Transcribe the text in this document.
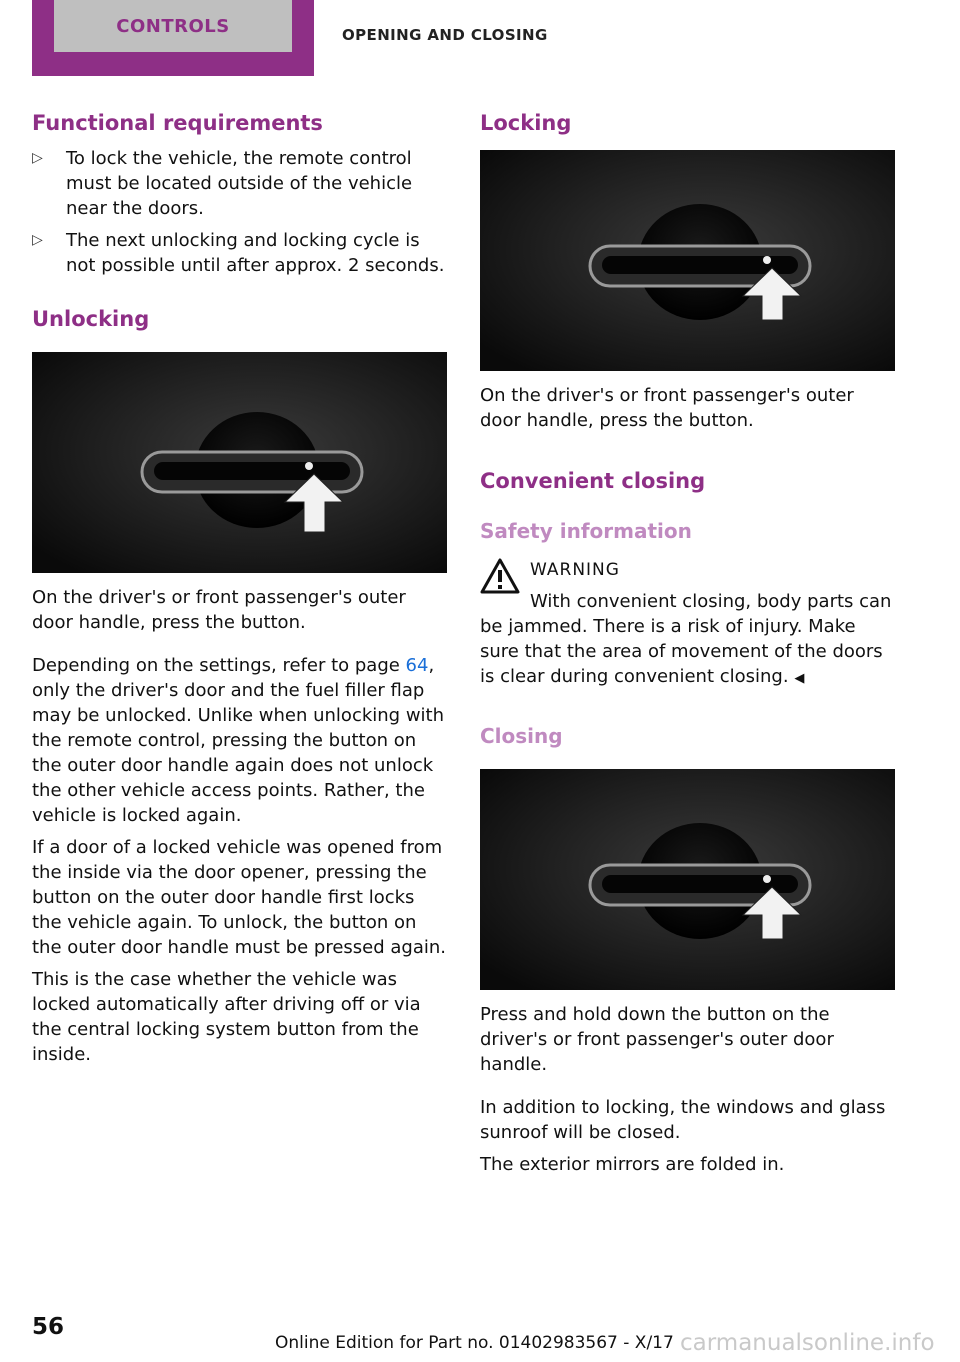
CONTROLS	OPENING AND CLOSING
Functional requirements
▷ To lock the vehicle, the remote control must be located outside of the vehicle near the doors.
▷ The next unlocking and locking cycle is not possible until after approx. 2 seconds.
Unlocking

On the driver's or front passenger's outer door handle, press the button.

Depending on the settings, refer to page 64, only the driver's door and the fuel filler flap may be unlocked. Unlike when unlocking with the remote control, pressing the button on the outer door handle again does not unlock the other vehicle access points. Rather, the vehicle is locked again.

If a door of a locked vehicle was opened from the inside via the door opener, pressing the button on the outer door handle first locks the vehicle again. To unlock, the button on the outer door handle must be pressed again.

This is the case whether the vehicle was locked automatically after driving off or via the central locking system button from the inside.

Locking

On the driver's or front passenger's outer door handle, press the button.

Convenient closing
Safety information
WARNING

With convenient closing, body parts can

be jammed. There is a risk of injury. Make sure that the area of movement of the doors is clear during convenient closing. ◀

Closing

Press and hold down the button on the driver's or front passenger's outer door handle.

In addition to locking, the windows and glass sunroof will be closed.

The exterior mirrors are folded in.

56
Online Edition for Part no. 01402983567 - X/17 carmanualsonline.info
